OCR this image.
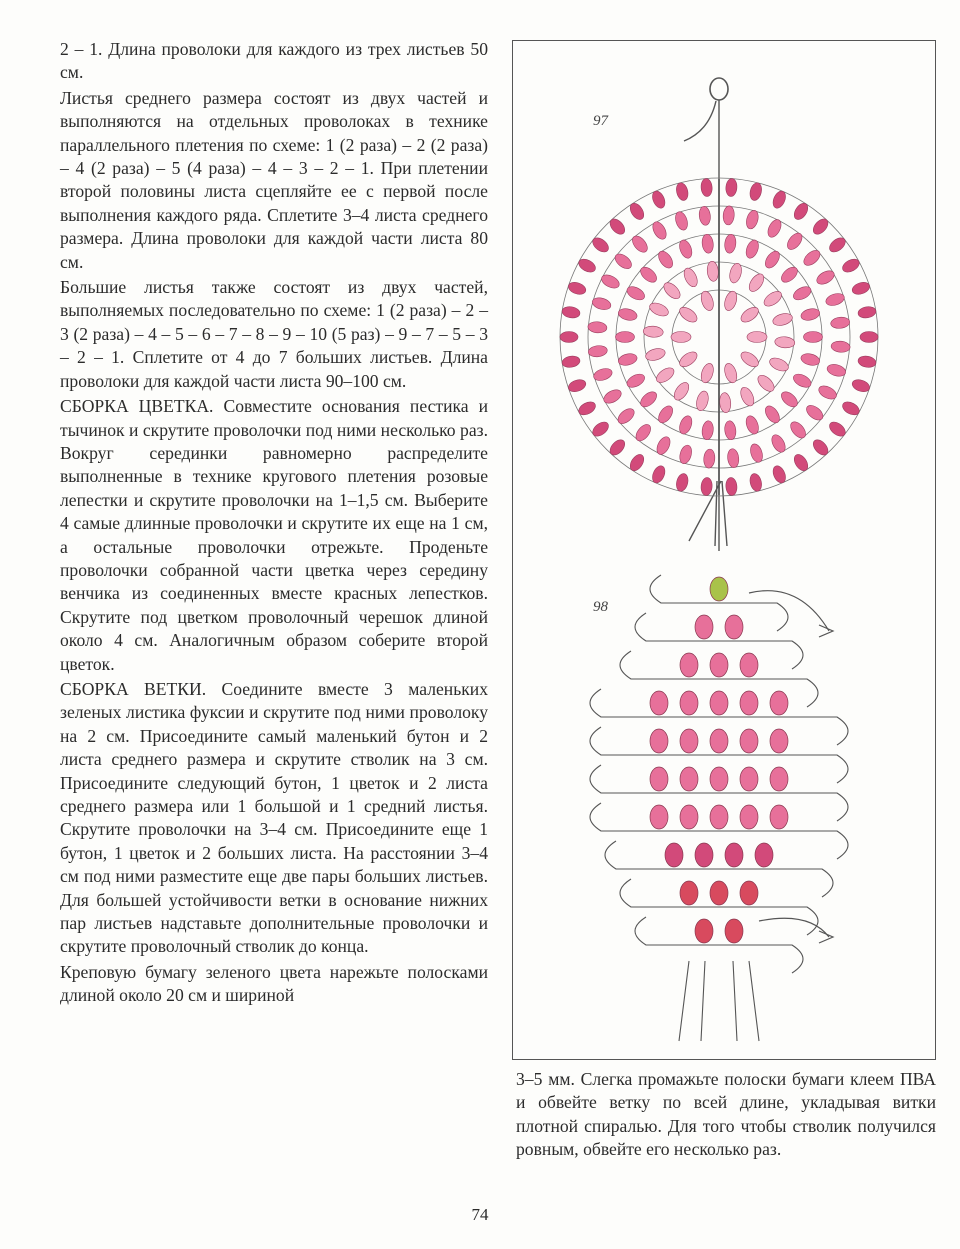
2 – 1. Длина проволоки для каждого из трех листьев 50 см.

Листья среднего размера состоят из двух частей и выполняются на отдельных проволоках в технике параллельного плетения по схеме: 1 (2 раза) – 2 (2 раза) – 4 (2 раза) – 5 (4 раза) – 4 – 3 – 2 – 1. При плетении второй половины листа сцепляйте ее с первой после выполнения каждого ряда. Сплетите 3–4 листа среднего размера. Длина проволоки для каждой части листа 80 см.

Большие листья также состоят из двух частей, выполняемых последовательно по схеме: 1 (2 раза) – 2 – 3 (2 раза) – 4 – 5 – 6 – 7 – 8 – 9 – 10 (5 раз) – 9 – 7 – 5 – 3 – 2 – 1. Сплетите от 4 до 7 больших листьев. Длина проволоки для каждой части листа 90–100 см.

СБОРКА ЦВЕТКА. Совместите основания пестика и тычинок и скрутите проволочки под ними несколько раз. Вокруг серединки равномерно распределите выполненные в технике кругового плетения розовые лепестки и скрутите проволочки на 1–1,5 см. Выберите 4 самые длинные проволочки и скрутите их еще на 1 см, а остальные проволочки отрежьте. Проденьте проволочки собранной части цветка через середину венчика из соединенных вместе красных лепестков. Скрутите под цветком проволочный черешок длиной около 4 см. Аналогичным образом соберите второй цветок.

СБОРКА ВЕТКИ. Соедините вместе 3 маленьких зеленых листика фуксии и скрутите под ними проволоку на 2 см. Присоедините самый маленький бутон и 2 листа среднего размера и скрутите стволик на 3 см. Присоедините следующий бутон, 1 цветок и 2 листа среднего размера или 1 большой и 1 средний листья. Скрутите проволочки на 3–4 см. Присоедините еще 1 бутон, 1 цветок и 2 больших листа. На расстоянии 3–4 см под ними разместите еще две пары больших листьев. Для большей устойчивости ветки в основание нижних пар листьев надставьте дополнительные проволочки и скрутите проволочный стволик до конца.

Креповую бумагу зеленого цвета нарежьте полосками длиной около 20 см и шириной

97
98
3–5 мм. Слегка промажьте полоски бумаги клеем ПВА и обвейте ветку по всей длине, укладывая витки плотной спиралью. Для того чтобы стволик получился ровным, обвейте его несколько раз.
74
